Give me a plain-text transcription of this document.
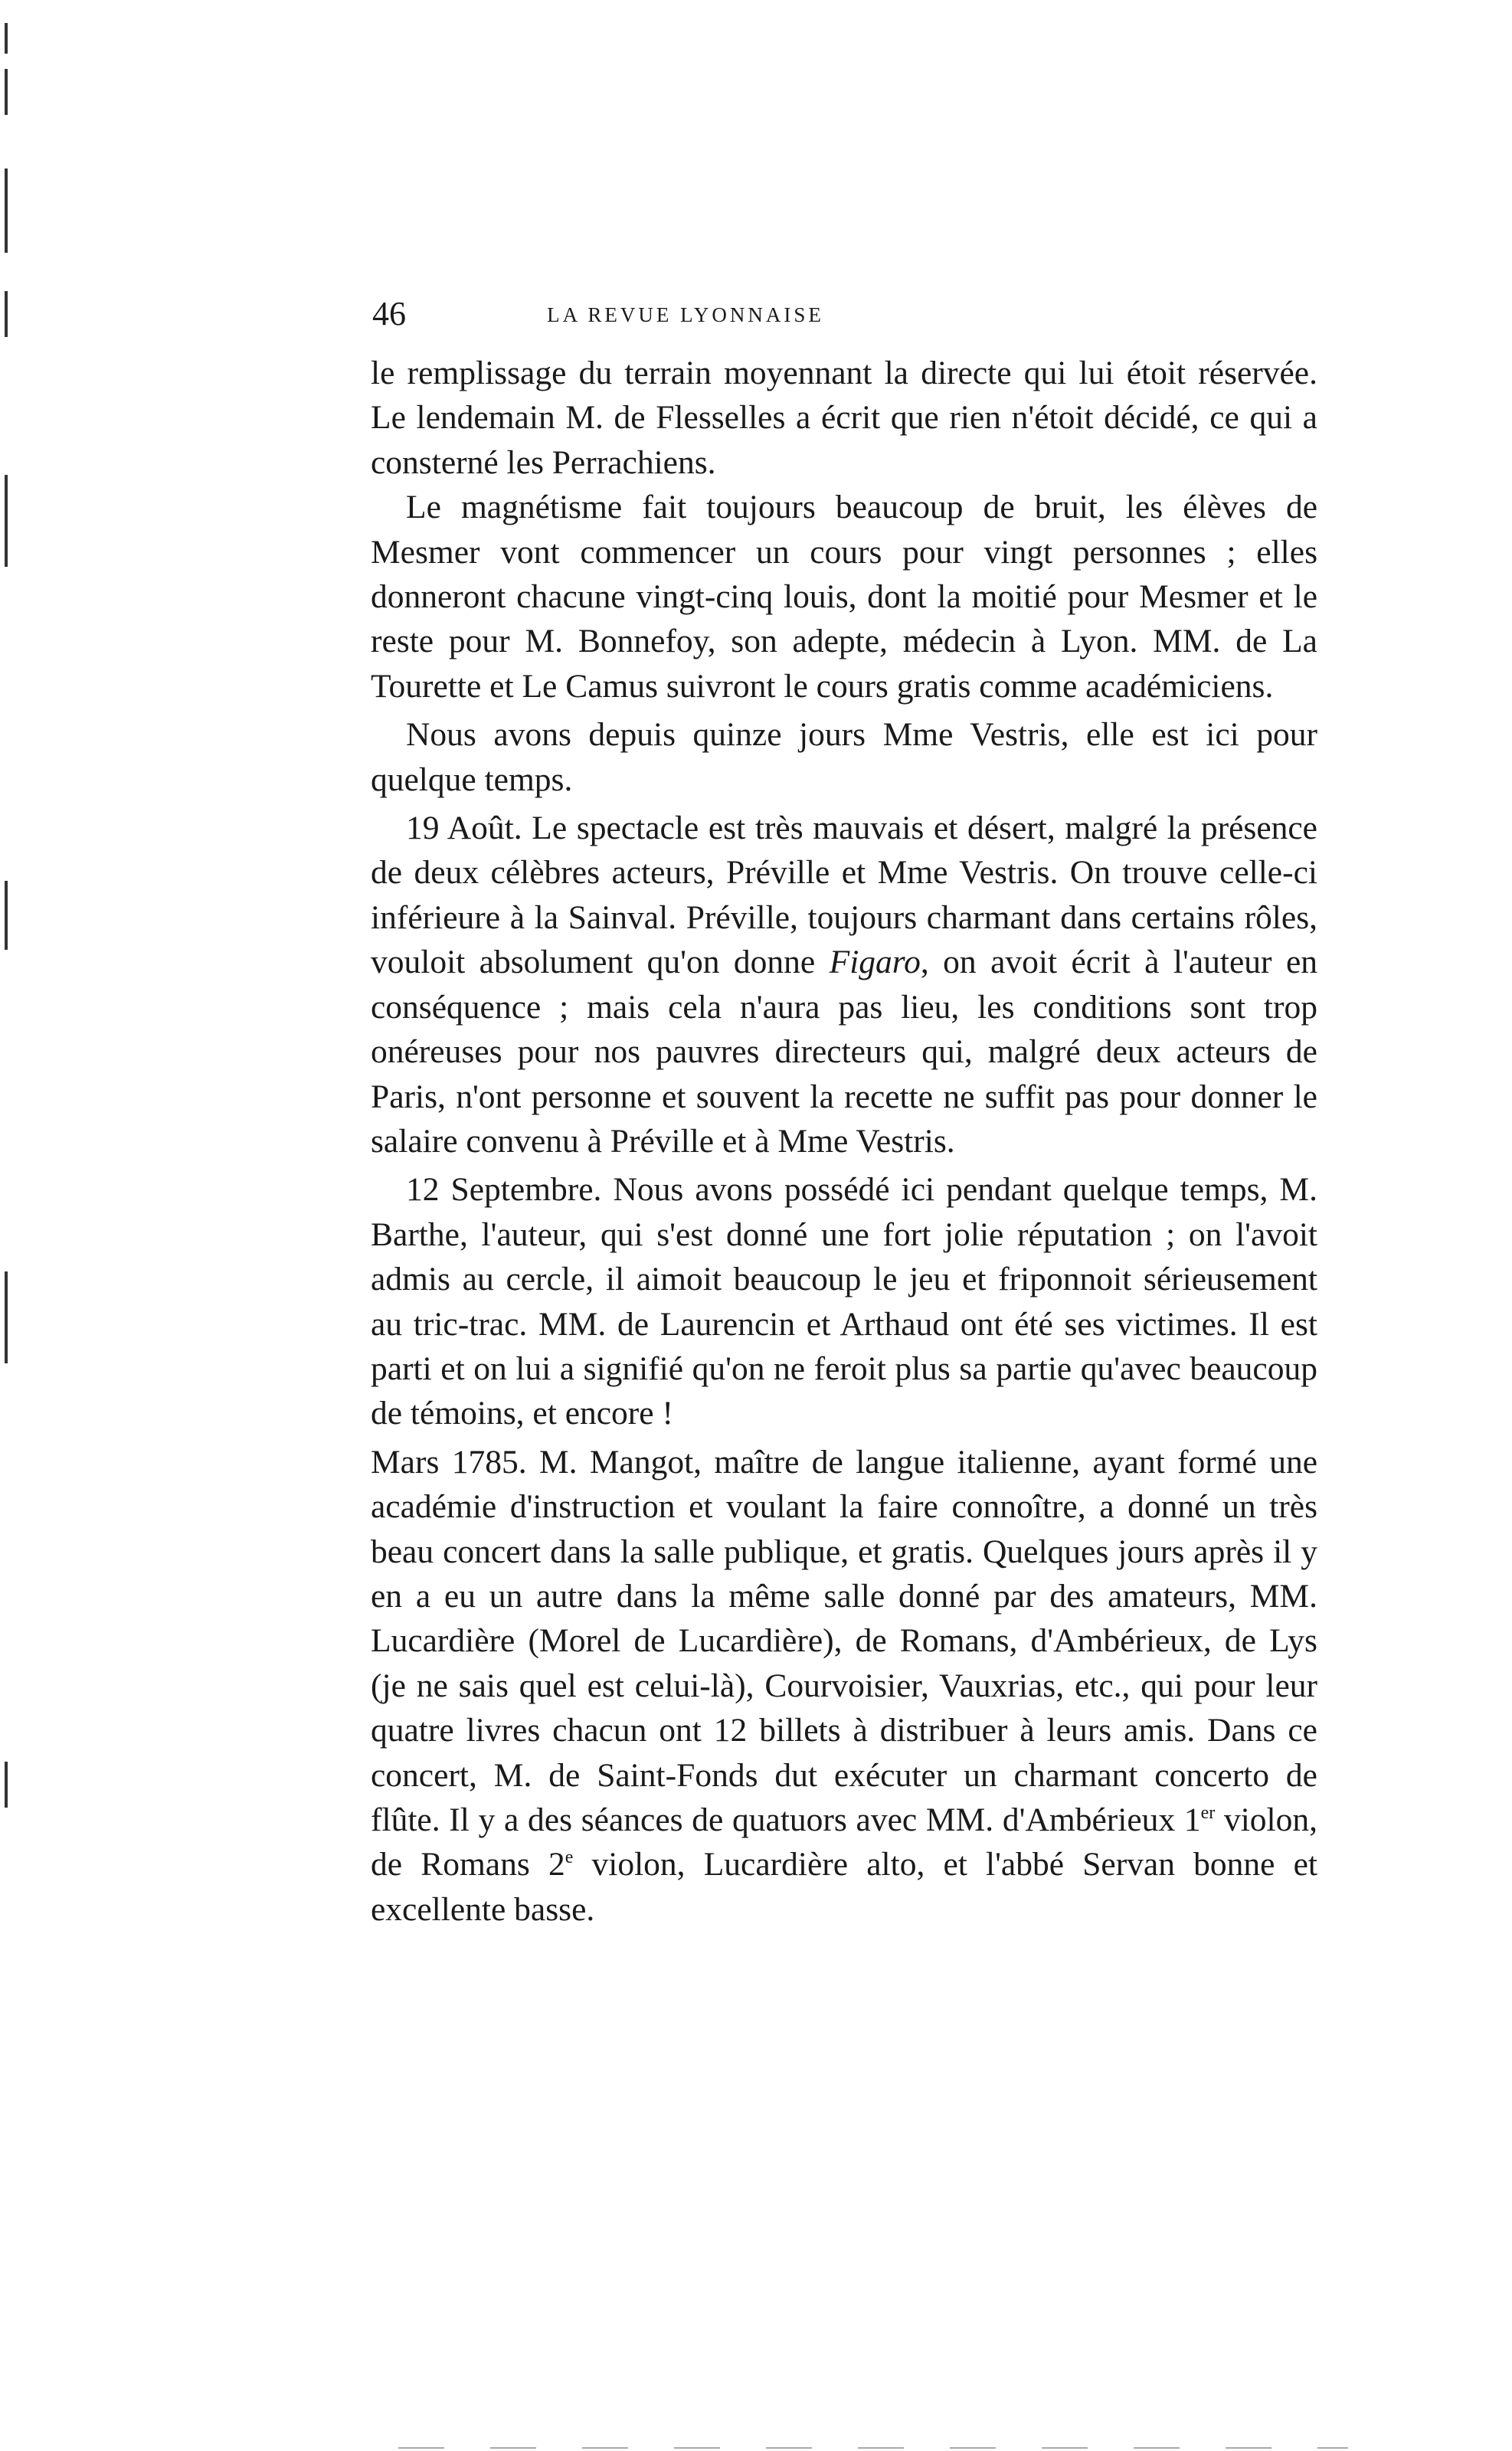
46	LA REVUE LYONNAISE

le remplissage du terrain moyennant la directe qui lui étoit réservée. Le lendemain M. de Flesselles a écrit que rien n'étoit décidé, ce qui a consterné les Perrachiens.

Le magnétisme fait toujours beaucoup de bruit, les élèves de Mesmer vont commencer un cours pour vingt personnes ; elles donneront chacune vingt-cinq louis, dont la moitié pour Mesmer et le reste pour M. Bonnefoy, son adepte, médecin à Lyon. MM. de La Tourette et Le Camus suivront le cours gratis comme académiciens.

Nous avons depuis quinze jours Mme Vestris, elle est ici pour quelque temps.

19 Août. Le spectacle est très mauvais et désert, malgré la présence de deux célèbres acteurs, Préville et Mme Vestris. On trouve celle-ci inférieure à la Sainval. Préville, toujours charmant dans certains rôles, vouloit absolument qu'on donne Figaro, on avoit écrit à l'auteur en conséquence ; mais cela n'aura pas lieu, les conditions sont trop onéreuses pour nos pauvres directeurs qui, malgré deux acteurs de Paris, n'ont personne et souvent la recette ne suffit pas pour donner le salaire convenu à Préville et à Mme Vestris.

12 Septembre. Nous avons possédé ici pendant quelque temps, M. Barthe, l'auteur, qui s'est donné une fort jolie réputation ; on l'avoit admis au cercle, il aimoit beaucoup le jeu et friponnoit sérieusement au tric-trac. MM. de Laurencin et Arthaud ont été ses victimes. Il est parti et on lui a signifié qu'on ne feroit plus sa partie qu'avec beaucoup de témoins, et encore !

Mars 1785. M. Mangot, maître de langue italienne, ayant formé une académie d'instruction et voulant la faire connoître, a donné un très beau concert dans la salle publique, et gratis. Quelques jours après il y en a eu un autre dans la même salle donné par des amateurs, MM. Lucardière (Morel de Lucardière), de Romans, d'Ambérieux, de Lys (je ne sais quel est celui-là), Courvoisier, Vauxrias, etc., qui pour leur quatre livres chacun ont 12 billets à distribuer à leurs amis. Dans ce concert, M. de Saint-Fonds dut exécuter un charmant concerto de flûte. Il y a des séances de quatuors avec MM. d'Ambérieux 1er violon, de Romans 2e violon, Lucardière alto, et l'abbé Servan bonne et excellente basse.
